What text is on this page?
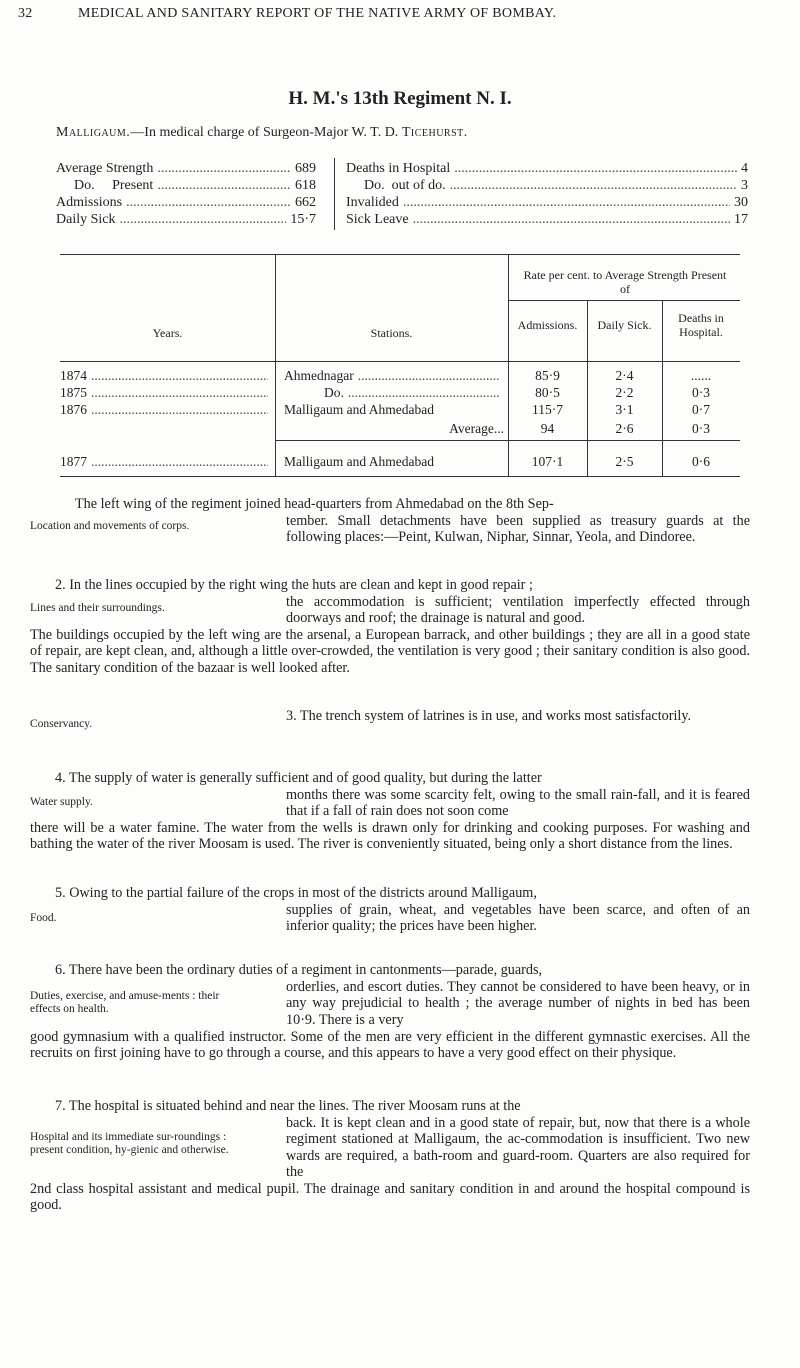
32	MEDICAL AND SANITARY REPORT OF THE NATIVE ARMY OF BOMBAY.
H. M.'s 13th Regiment N. I.
Malligaum.—In medical charge of Surgeon-Major W. T. D. Ticehurst.
Average Strength .....	689
Do.     Present .....	618
Admissions .....	662
Daily Sick .....	15·7
Deaths in Hospital .....	4
Do.  out of do. .....	3
Invalided .....	30
Sick Leave .....	17
Years.	Stations.
Rate per cent. to Average Strength Present of
Admissions.	Daily Sick.	Deaths in Hospital.
1874 .....	Ahmednagar .....	85·9	2·4	......
1875 .....	Do. .....	80·5	2·2	0·3
1876 .....	Malligaum and Ahmedabad	115·7	3·1	0·7
Average...	94	2·6	0·3
1877 .....	Malligaum and Ahmedabad	107·1	2·5	0·6
The left wing of the regiment joined head-quarters from Ahmedabad on the 8th Sep-
Location and movements of corps.	tember. Small detachments have been supplied as treasury guards at the following places:—Peint, Kulwan, Niphar, Sinnar, Yeola, and Dindoree.
2. In the lines occupied by the right wing the huts are clean and kept in good repair ;
Lines and their surroundings.	the accommodation is sufficient; ventilation imperfectly effected through doorways and roof; the drainage is natural and good.
The buildings occupied by the left wing are the arsenal, a European barrack, and other buildings ; they are all in a good state of repair, are kept clean, and, although a little over-crowded, the ventilation is very good ; their sanitary condition is also good. The sanitary condition of the bazaar is well looked after.
Conservancy.	3. The trench system of latrines is in use, and works most satisfactorily.
4. The supply of water is generally sufficient and of good quality, but during the latter
Water supply.	months there was some scarcity felt, owing to the small rain-fall, and it is feared that if a fall of rain does not soon come
there will be a water famine. The water from the wells is drawn only for drinking and cooking purposes. For washing and bathing the water of the river Moosam is used. The river is conveniently situated, being only a short distance from the lines.
5. Owing to the partial failure of the crops in most of the districts around Malligaum,
Food.	supplies of grain, wheat, and vegetables have been scarce, and often of an inferior quality; the prices have been higher.
6. There have been the ordinary duties of a regiment in cantonments—parade, guards,
Duties, exercise, and amuse-ments : their effects on health.
orderlies, and escort duties. They cannot be considered to have been heavy, or in any way prejudicial to health ; the average number of nights in bed has been 10·9. There is a very
good gymnasium with a qualified instructor. Some of the men are very efficient in the different gymnastic exercises. All the recruits on first joining have to go through a course, and this appears to have a very good effect on their physique.
7. The hospital is situated behind and near the lines. The river Moosam runs at the
Hospital and its immediate sur-roundings : present condition, hy-gienic and otherwise.
back. It is kept clean and in a good state of repair, but, now that there is a whole regiment stationed at Malligaum, the ac-commodation is insufficient. Two new wards are required, a bath-room and guard-room. Quarters are also required for the
2nd class hospital assistant and medical pupil. The drainage and sanitary condition in and around the hospital compound is good.
